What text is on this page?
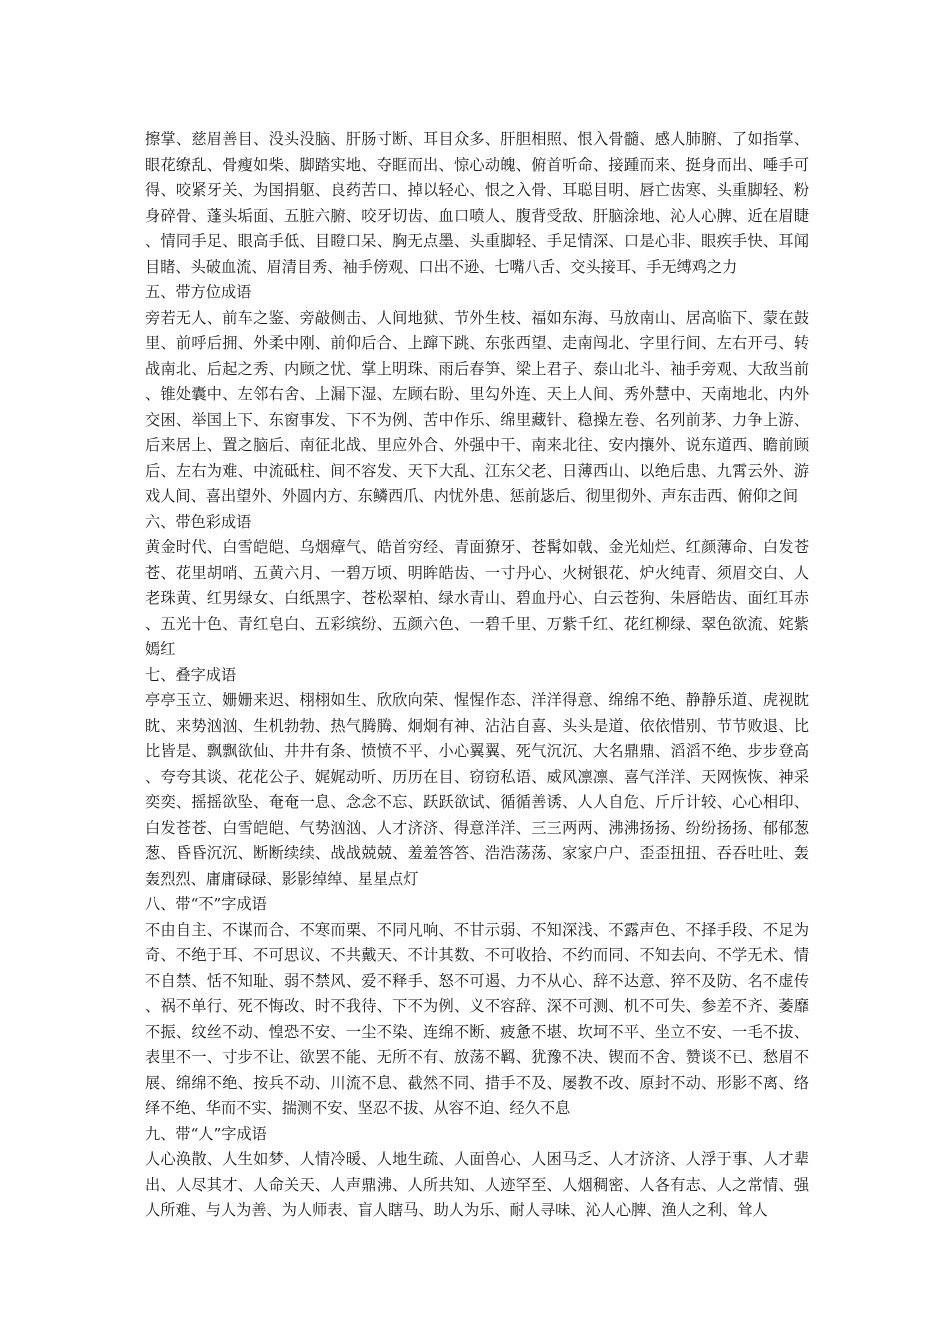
擦掌、慈眉善目、没头没脑、肝肠寸断、耳目众多、肝胆相照、恨入骨髓、感人肺腑、了如指掌、眼花缭乱、骨瘦如柴、脚踏实地、夺眶而出、惊心动魄、俯首听命、接踵而来、挺身而出、唾手可得、咬紧牙关、为国捐躯、良药苦口、掉以轻心、恨之入骨、耳聪目明、唇亡齿寒、头重脚轻、粉身碎骨、蓬头垢面、五脏六腑、咬牙切齿、血口喷人、腹背受敌、肝脑涂地、沁人心脾、近在眉睫、情同手足、眼高手低、目瞪口呆、胸无点墨、头重脚轻、手足情深、口是心非、眼疾手快、耳闻目睹、头破血流、眉清目秀、袖手傍观、口出不逊、七嘴八舌、交头接耳、手无缚鸡之力

五、带方位成语

旁若无人、前车之鉴、旁敲侧击、人间地狱、节外生枝、福如东海、马放南山、居高临下、蒙在鼓里、前呼后拥、外柔中刚、前仰后合、上蹿下跳、东张西望、走南闯北、字里行间、左右开弓、转战南北、后起之秀、内顾之忧、掌上明珠、雨后春笋、梁上君子、泰山北斗、袖手旁观、大敌当前、锥处囊中、左邻右舍、上漏下湿、左顾右盼、里勾外连、天上人间、秀外慧中、天南地北、内外交困、举国上下、东窗事发、下不为例、苦中作乐、绵里藏针、稳操左卷、名列前茅、力争上游、后来居上、置之脑后、南征北战、里应外合、外强中干、南来北往、安内攘外、说东道西、瞻前顾后、左右为难、中流砥柱、间不容发、天下大乱、江东父老、日薄西山、以绝后患、九霄云外、游戏人间、喜出望外、外圆内方、东鳞西爪、内忧外患、惩前毖后、彻里彻外、声东击西、俯仰之间

六、带色彩成语

黄金时代、白雪皑皑、乌烟瘴气、皓首穷经、青面獠牙、苍髯如戟、金光灿烂、红颜薄命、白发苍苍、花里胡哨、五黄六月、一碧万顷、明眸皓齿、一寸丹心、火树银花、炉火纯青、须眉交白、人老珠黄、红男绿女、白纸黑字、苍松翠柏、绿水青山、碧血丹心、白云苍狗、朱唇皓齿、面红耳赤、五光十色、青红皂白、五彩缤纷、五颜六色、一碧千里、万紫千红、花红柳绿、翠色欲流、姹紫嫣红

七、叠字成语

亭亭玉立、姗姗来迟、栩栩如生、欣欣向荣、惺惺作态、洋洋得意、绵绵不绝、静静乐道、虎视眈眈、来势汹汹、生机勃勃、热气腾腾、炯炯有神、沾沾自喜、头头是道、依依惜别、节节败退、比比皆是、飘飘欲仙、井井有条、愤愤不平、小心翼翼、死气沉沉、大名鼎鼎、滔滔不绝、步步登高、夸夸其谈、花花公子、娓娓动听、历历在目、窃窃私语、威风凛凛、喜气洋洋、天网恢恢、神采奕奕、摇摇欲坠、奄奄一息、念念不忘、跃跃欲试、循循善诱、人人自危、斤斤计较、心心相印、白发苍苍、白雪皑皑、气势汹汹、人才济济、得意洋洋、三三两两、沸沸扬扬、纷纷扬扬、郁郁葱葱、昏昏沉沉、断断续续、战战兢兢、羞羞答答、浩浩荡荡、家家户户、歪歪扭扭、吞吞吐吐、轰轰烈烈、庸庸碌碌、影影绰绰、星星点灯

八、带“不”字成语

不由自主、不谋而合、不寒而栗、不同凡响、不甘示弱、不知深浅、不露声色、不择手段、不足为奇、不绝于耳、不可思议、不共戴天、不计其数、不可收拾、不约而同、不知去向、不学无术、情不自禁、恬不知耻、弱不禁风、爱不释手、怒不可遏、力不从心、辞不达意、猝不及防、名不虚传、祸不单行、死不悔改、时不我待、下不为例、义不容辞、深不可测、机不可失、参差不齐、萎靡不振、纹丝不动、惶恐不安、一尘不染、连绵不断、疲惫不堪、坎坷不平、坐立不安、一毛不拔、表里不一、寸步不让、欲罢不能、无所不有、放荡不羁、犹豫不决、锲而不舍、赞谈不已、愁眉不展、绵绵不绝、按兵不动、川流不息、截然不同、措手不及、屡教不改、原封不动、形影不离、络绎不绝、华而不实、揣测不安、坚忍不拔、从容不迫、经久不息

九、带“人”字成语

人心涣散、人生如梦、人情冷暖、人地生疏、人面兽心、人困马乏、人才济济、人浮于事、人才辈出、人尽其才、人命关天、人声鼎沸、人所共知、人迹罕至、人烟稠密、人各有志、人之常情、强人所难、与人为善、为人师表、盲人瞎马、助人为乐、耐人寻味、沁人心脾、渔人之利、耸人
